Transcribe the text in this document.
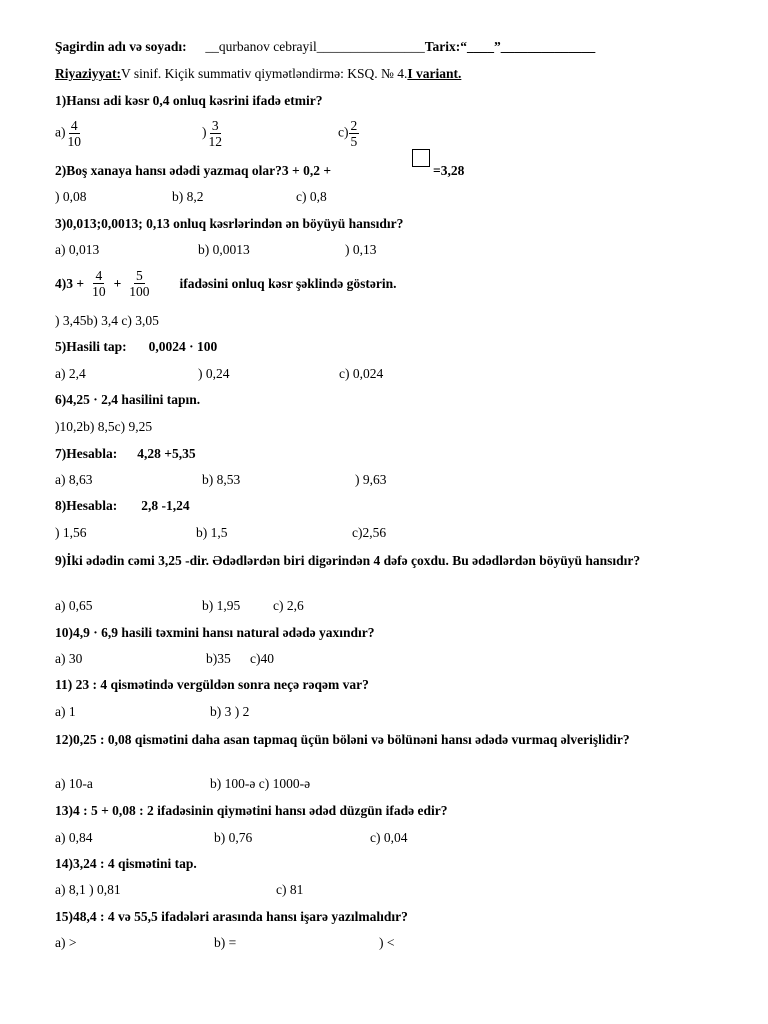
Şagirdin adı və soyadı: __qurbanov cebrayil________________Tarix:“____”______________
Riyaziyyat:V sinif. Kiçik summativ qiymətləndirmə: KSQ. № 4.I variant.
1)Hansı adi kəsr 0,4 onluq kəsrini ifadə etmir?
$a) \frac{4}{10}$	) $\frac{3}{12}$	$c) \frac{2}{5}$
2)Boş xanaya hansı ədədi yazmaq olar?3 + 0,2 +	=3,28
) 0,08	b) 8,2	c) 0,8
3)0,013;0,0013; 0,13 onluq kəsrlərindən ən böyüyü hansıdır?
a) 0,013	b) 0,0013	) 0,13
$4)3 + \frac{4}{10} + \frac{5}{100}$ ifadəsini onluq kəsr şəklində göstərin.
) 3,45b) 3,4 c) 3,05
5)Hasili tap: 0,0024 · 100
a) 2,4	) 0,24	c) 0,024
6)4,25 · 2,4 hasilini tapın.
)10,2b) 8,5c) 9,25
7)Hesabla: 4,28 +5,35
a) 8,63	b) 8,53	) 9,63
8)Hesabla: 2,8 -1,24
) 1,56	b) 1,5	c)2,56
9)İki ədədin cəmi 3,25 -dir. Ədədlərdən biri digərindən 4 dəfə çoxdu. Bu ədədlərdən böyüyü hansıdır?
a) 0,65	b) 1,95 c) 2,6
10)4,9 · 6,9 hasili təxmini hansı natural ədədə yaxındır?
a) 30	b)35 c)40
11) 23 : 4 qismətində vergüldən sonra neçə rəqəm var?
a) 1	b) 3 ) 2
12)0,25 : 0,08 qismətini daha asan tapmaq üçün böləni və bölünəni hansı ədədə vurmaq əlverişlidir?
a) 10-a	b) 100-ə c) 1000-ə
13)4 : 5 + 0,08 : 2 ifadəsinin qiymətini hansı ədəd düzgün ifadə edir?
a) 0,84	b) 0,76	c) 0,04
14)3,24 : 4 qismətini tap.
a) 8,1 ) 0,81	c) 81
15)48,4 : 4 və 55,5 ifadələri arasında hansı işarə yazılmalıdır?
a) >	b) =	) <
